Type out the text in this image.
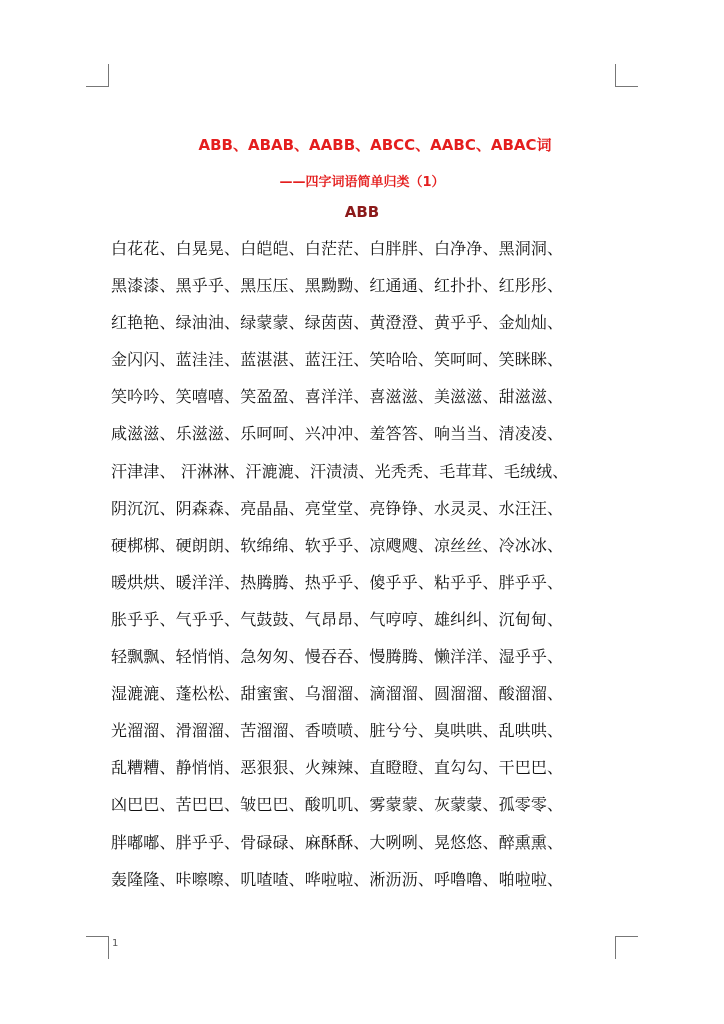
ABB、ABAB、AABB、ABCC、AABC、ABAC词
——四字词语简单归类（1）
ABB
白花花、白晃晃、白皑皑、白茫茫、白胖胖、白净净、黑洞洞、
黑漆漆、黑乎乎、黑压压、黑黝黝、红通通、红扑扑、红彤彤、
红艳艳、绿油油、绿蒙蒙、绿茵茵、黄澄澄、黄乎乎、金灿灿、
金闪闪、蓝洼洼、蓝湛湛、蓝汪汪、笑哈哈、笑呵呵、笑眯眯、
笑吟吟、笑嘻嘻、笑盈盈、喜洋洋、喜滋滋、美滋滋、甜滋滋、
咸滋滋、乐滋滋、乐呵呵、兴冲冲、羞答答、响当当、清凌凌、
汗津津、 汗淋淋、汗漉漉、汗渍渍、光秃秃、毛茸茸、毛绒绒、
阴沉沉、阴森森、亮晶晶、亮堂堂、亮铮铮、水灵灵、水汪汪、
硬梆梆、硬朗朗、软绵绵、软乎乎、凉飕飕、凉丝丝、冷冰冰、
暖烘烘、暖洋洋、热腾腾、热乎乎、傻乎乎、粘乎乎、胖乎乎、
胀乎乎、气乎乎、气鼓鼓、气昂昂、气哼哼、雄纠纠、沉甸甸、
轻飘飘、轻悄悄、急匆匆、慢吞吞、慢腾腾、懒洋洋、湿乎乎、
湿漉漉、蓬松松、甜蜜蜜、乌溜溜、滴溜溜、圆溜溜、酸溜溜、
光溜溜、滑溜溜、苦溜溜、香喷喷、脏兮兮、臭哄哄、乱哄哄、
乱糟糟、静悄悄、恶狠狠、火辣辣、直瞪瞪、直勾勾、干巴巴、
凶巴巴、苦巴巴、皱巴巴、酸叽叽、雾蒙蒙、灰蒙蒙、孤零零、
胖嘟嘟、胖乎乎、骨碌碌、麻酥酥、大咧咧、晃悠悠、醉熏熏、
轰隆隆、咔嚓嚓、叽喳喳、哗啦啦、淅沥沥、呼噜噜、啪啦啦、
1
